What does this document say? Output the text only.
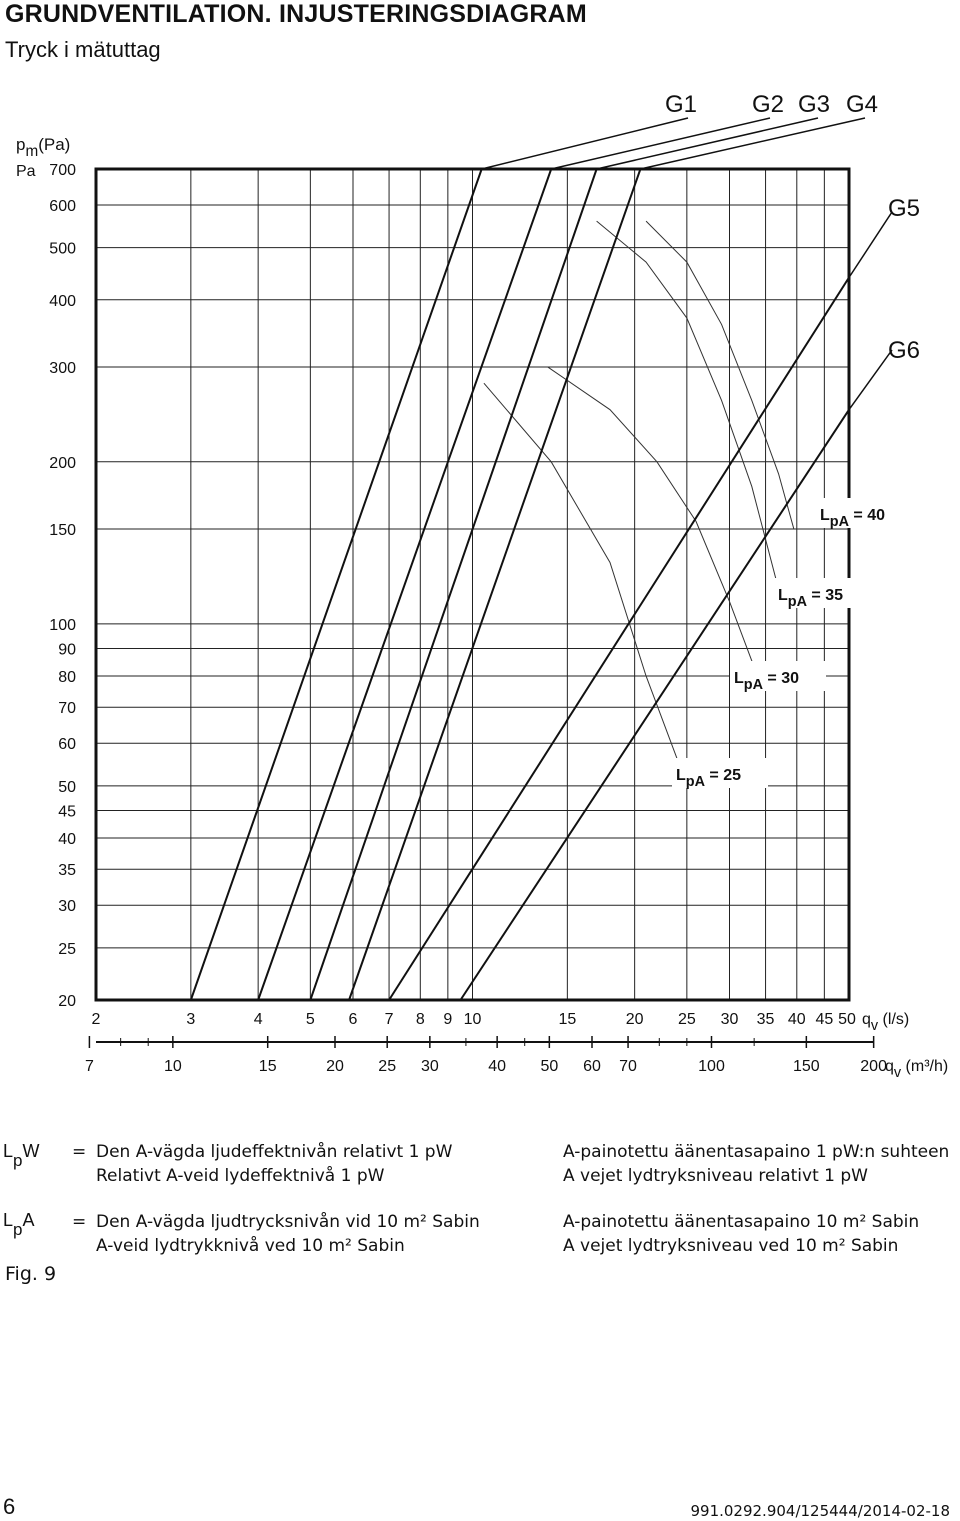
GRUNDVENTILATION. INJUSTERINGSDIAGRAM
Tryck i mätuttag
20
25
30
35
40
45
50
60
70
80
90
100
150
200
300
400
500
600
700
pm(Pa)
Pa
2	3	4	5 6 7 8 9 10	15	20 25 30 35 40 45 50 qv (l/s)
7	10	15	20 25 30	40 50 60 70	100	150	200
qv (m³/h)
LpA = 25
LpA = 30
LpA = 35
LpA = 40
G1 G2 G3 G4
G5
G6
$L_pW$ = Den A-vägda ljudeffektnivån relativt 1 pW
Relativt A-veid lydeffektnivå 1 pW
A-painotettu äänentasapaino 1 pW:n suhteen
A vejet lydtryksniveau relativt 1 pW
$L_pA$ = Den A-vägda ljudtrycksnivån vid 10 m² Sabin
A-veid lydtrykknivå ved 10 m² Sabin
A-painotettu äänentasapaino 10 m² Sabin
A vejet lydtryksniveau ved 10 m² Sabin
Fig. 9
6	991.0292.904/125444/2014-02-18
